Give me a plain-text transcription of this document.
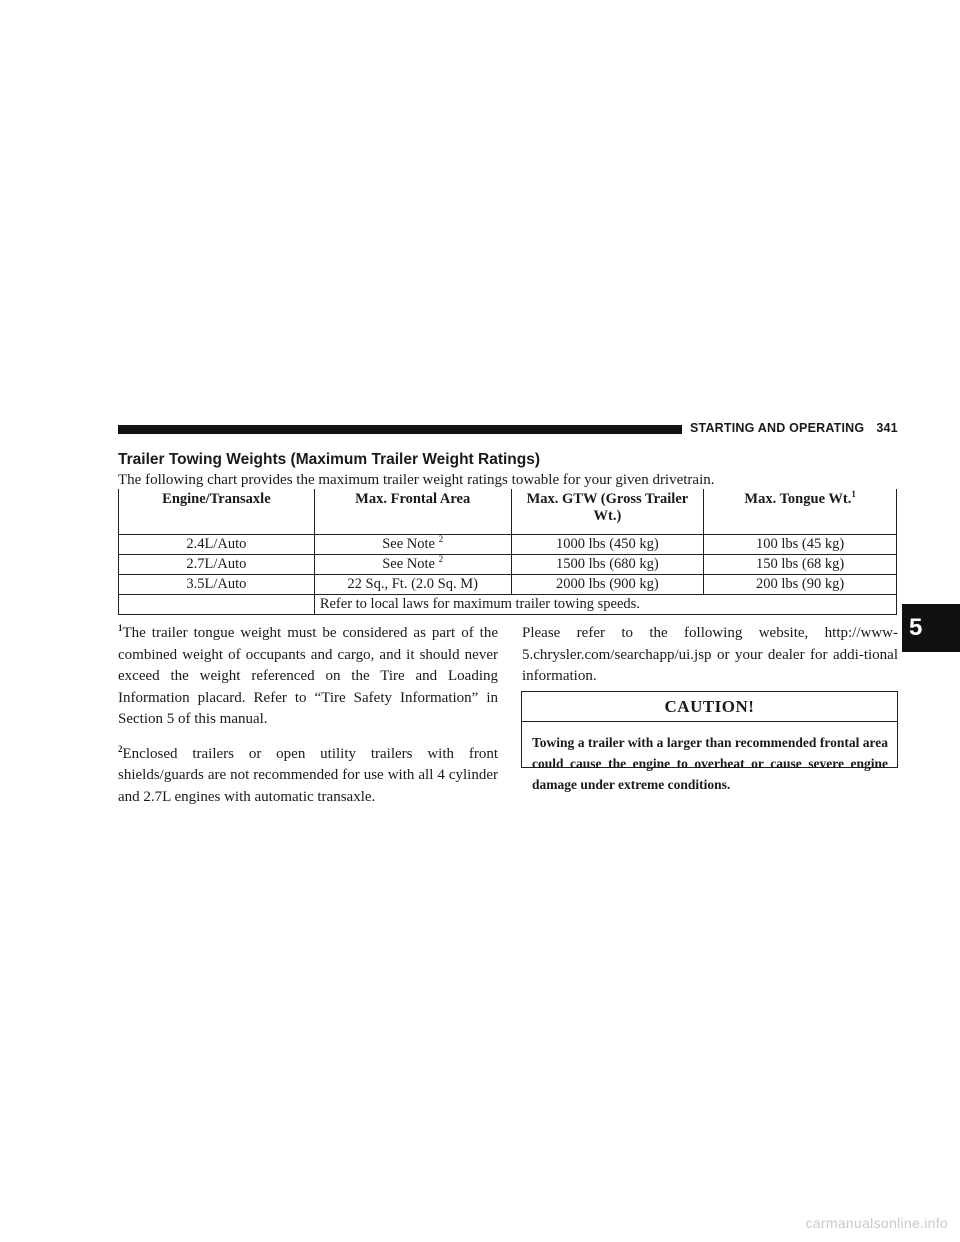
STARTING AND OPERATING 341
Trailer Towing Weights (Maximum Trailer Weight Ratings)
The following chart provides the maximum trailer weight ratings towable for your given drivetrain.
Engine/Transaxle	Max. Frontal Area	Max. GTW (Gross Trailer Wt.)	Max. Tongue Wt.$^1$
2.4L/Auto	See Note $^2$	1000 lbs (450 kg)	100 lbs (45 kg)
2.7L/Auto	See Note $^2$	1500 lbs (680 kg)	150 lbs (68 kg)
3.5L/Auto	22 Sq., Ft. (2.0 Sq. M)	2000 lbs (900 kg)	200 lbs (90 kg)
	Refer to local laws for maximum trailer towing speeds.		

$^1$The trailer tongue weight must be considered as part of the combined weight of occupants and cargo, and it should never exceed the weight referenced on the Tire and Loading Information placard. Refer to “Tire Safety Information” in Section 5 of this manual.

$^2$Enclosed trailers or open utility trailers with front shields/guards are not recommended for use with all 4 cylinder and 2.7L engines with automatic transaxle.

Please refer to the following website, http://www-5.chrysler.com/searchapp/ui.jsp or your dealer for addi-tional information.

CAUTION!
Towing a trailer with a larger than recommended frontal area could cause the engine to overheat or cause severe engine damage under extreme conditions.
5
carmanualsonline.info
